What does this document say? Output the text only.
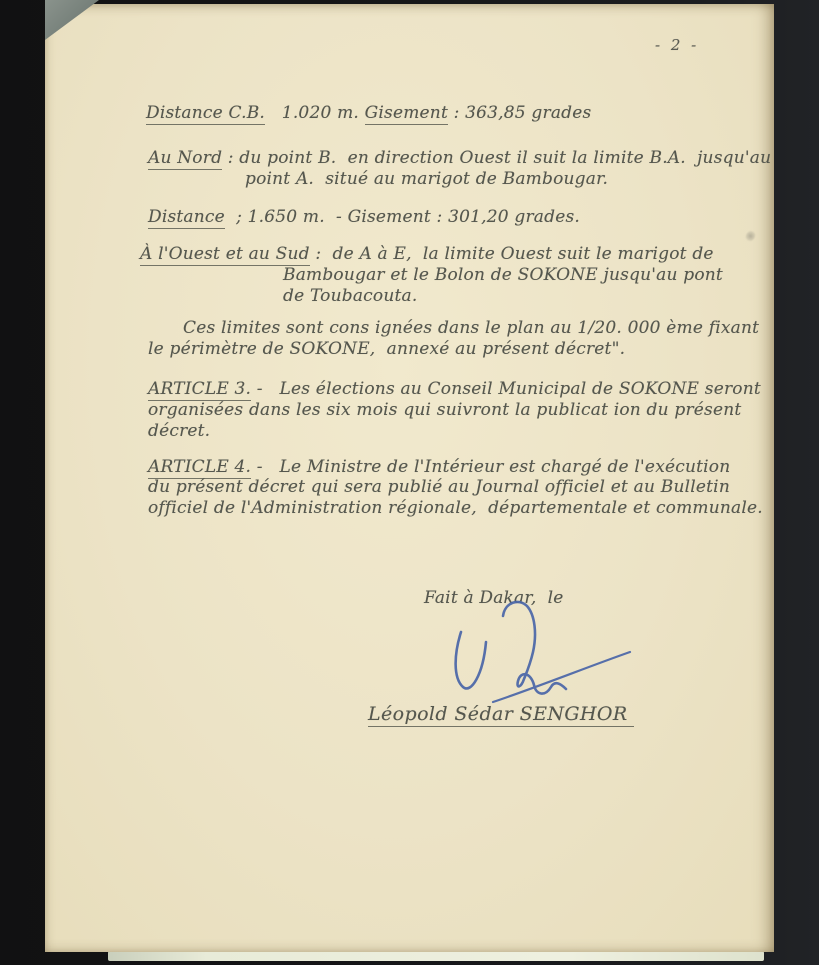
- 2 -
Distance C.B.   1.020 m. Gisement : 363,85 grades
Au Nord : du point B.  en direction Ouest il suit la limite B.A.  jusqu'au
point A.  situé au marigot de Bambougar.
Distance  ; 1.650 m.  - Gisement : 301,20 grades.
À l'Ouest et au Sud :  de A à E,  la limite Ouest suit le marigot de
Bambougar et le Bolon de SOKONE jusqu'au pont
de Toubacouta.
Ces limites sont cons ignées dans le plan au 1/20. 000 ème fixant
le périmètre de SOKONE,  annexé au présent décret".
ARTICLE 3. -   Les élections au Conseil Municipal de SOKONE seront
organisées dans les six mois qui suivront la publicat ion du présent
décret.
ARTICLE 4. -   Le Ministre de l'Intérieur est chargé de l'exécution
du présent décret qui sera publié au Journal officiel et au Bulletin
officiel de l'Administration régionale,  départementale et communale.
Fait à Dakar,  le
Léopold Sédar SENGHOR
